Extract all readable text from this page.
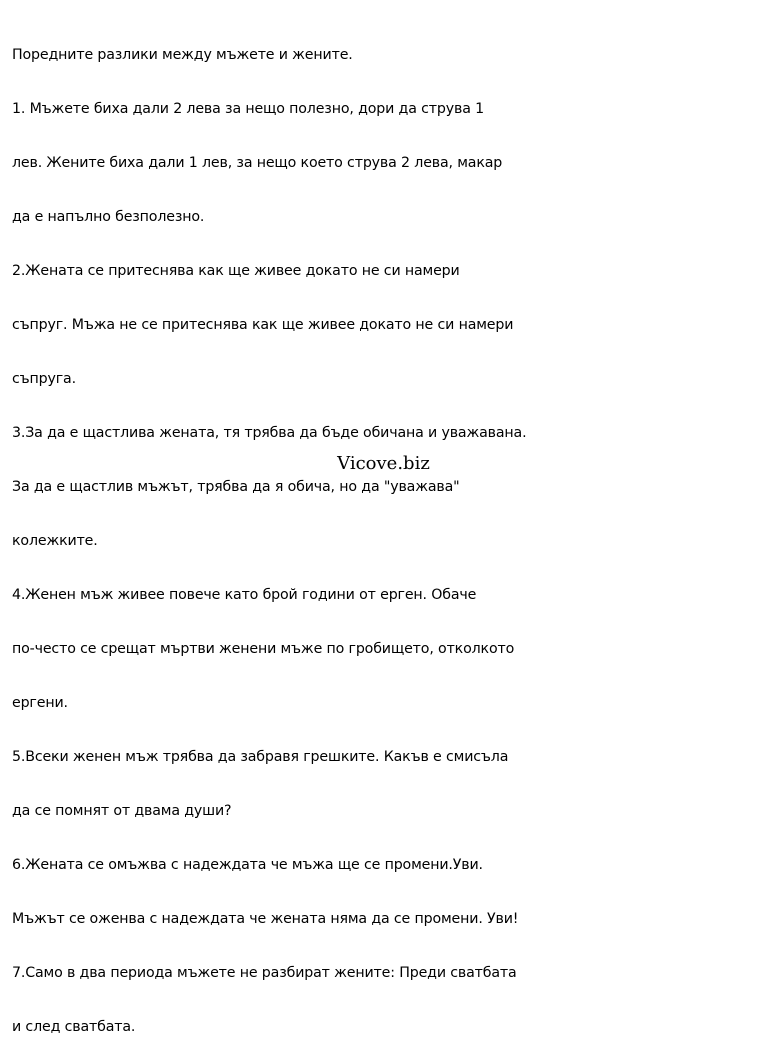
Поредните разлики между мъжете и жените.

1. Мъжете биха дали 2 лева за нещо полезно, дори да струва 1

лев. Жените биха дали 1 лев, за нещо което струва 2 лева, макар

да е напълно безполезно.

2.Жената се притеснява как ще живее докато не си намери

съпруг. Мъжа не се притеснява как ще живее докато не си намери

съпруга.

3.За да е щастлива жената, тя трябва да бъде обичана и уважавана.

За да е щастлив мъжът, трябва да я обича, но да "уважава"

колежките.

4.Женен мъж живее повече като брой години от ерген. Обаче

по-често се срещат мъртви женени мъже по гробището, отколкото

ергени.

5.Всеки женен мъж трябва да забравя грешките. Какъв е смисъла

да се помнят от двама души?

6.Жената се омъжва с надеждата че мъжа ще се промени.Уви.

Мъжът се оженва с надеждата че жената няма да се промени. Уви!

7.Само в два периода мъжете не разбират жените: Преди сватбата

и след сватбата.

Vicove.biz
